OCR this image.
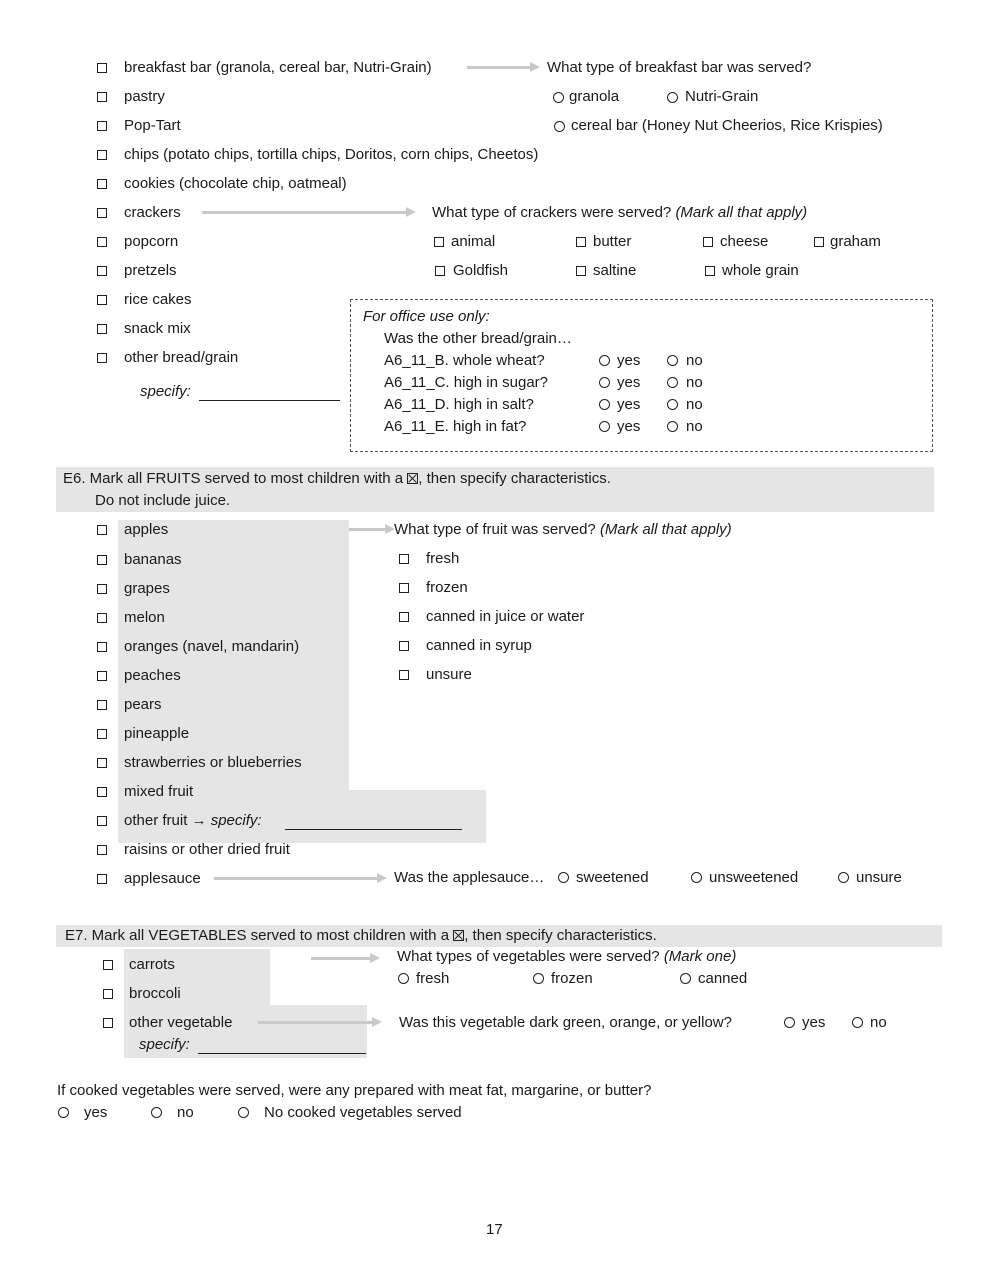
breakfast bar (granola, cereal bar, Nutri-Grain)	What type of breakfast bar was served?
pastry	granola	Nutri-Grain
Pop-Tart	cereal bar (Honey Nut Cheerios, Rice Krispies)
chips (potato chips, tortilla chips, Doritos, corn chips, Cheetos)
cookies (chocolate chip, oatmeal)
crackers	What type of crackers were served? (Mark all that apply)
popcorn	animal	butter	cheese	graham
pretzels	Goldfish	saltine	whole grain
rice cakes
snack mix
other bread/grain
specify:
For office use only:
Was the other bread/grain…
A6_11_B. whole wheat?	yes	no
A6_11_C. high in sugar?	yes	no
A6_11_D. high in salt?	yes	no
A6_11_E. high in fat?	yes	no
E6. Mark all FRUITS served to most children with a , then specify characteristics.
Do not include juice.
apples	What type of fruit was served? (Mark all that apply)
bananas	fresh
grapes	frozen
melon	canned in juice or water
oranges (navel, mandarin)	canned in syrup
peaches	unsure
pears
pineapple
strawberries or blueberries
mixed fruit
other fruit → specify:
raisins or other dried fruit
applesauce	Was the applesauce… sweetened	unsweetened	unsure
E7. Mark all VEGETABLES served to most children with a , then specify characteristics.
carrots	What types of vegetables were served? (Mark one)
fresh	frozen	canned
broccoli
other vegetable	Was this vegetable dark green, orange, or yellow?	yes	no
specify:
If cooked vegetables were served, were any prepared with meat fat, margarine, or butter?
yes	no	No cooked vegetables served
17
